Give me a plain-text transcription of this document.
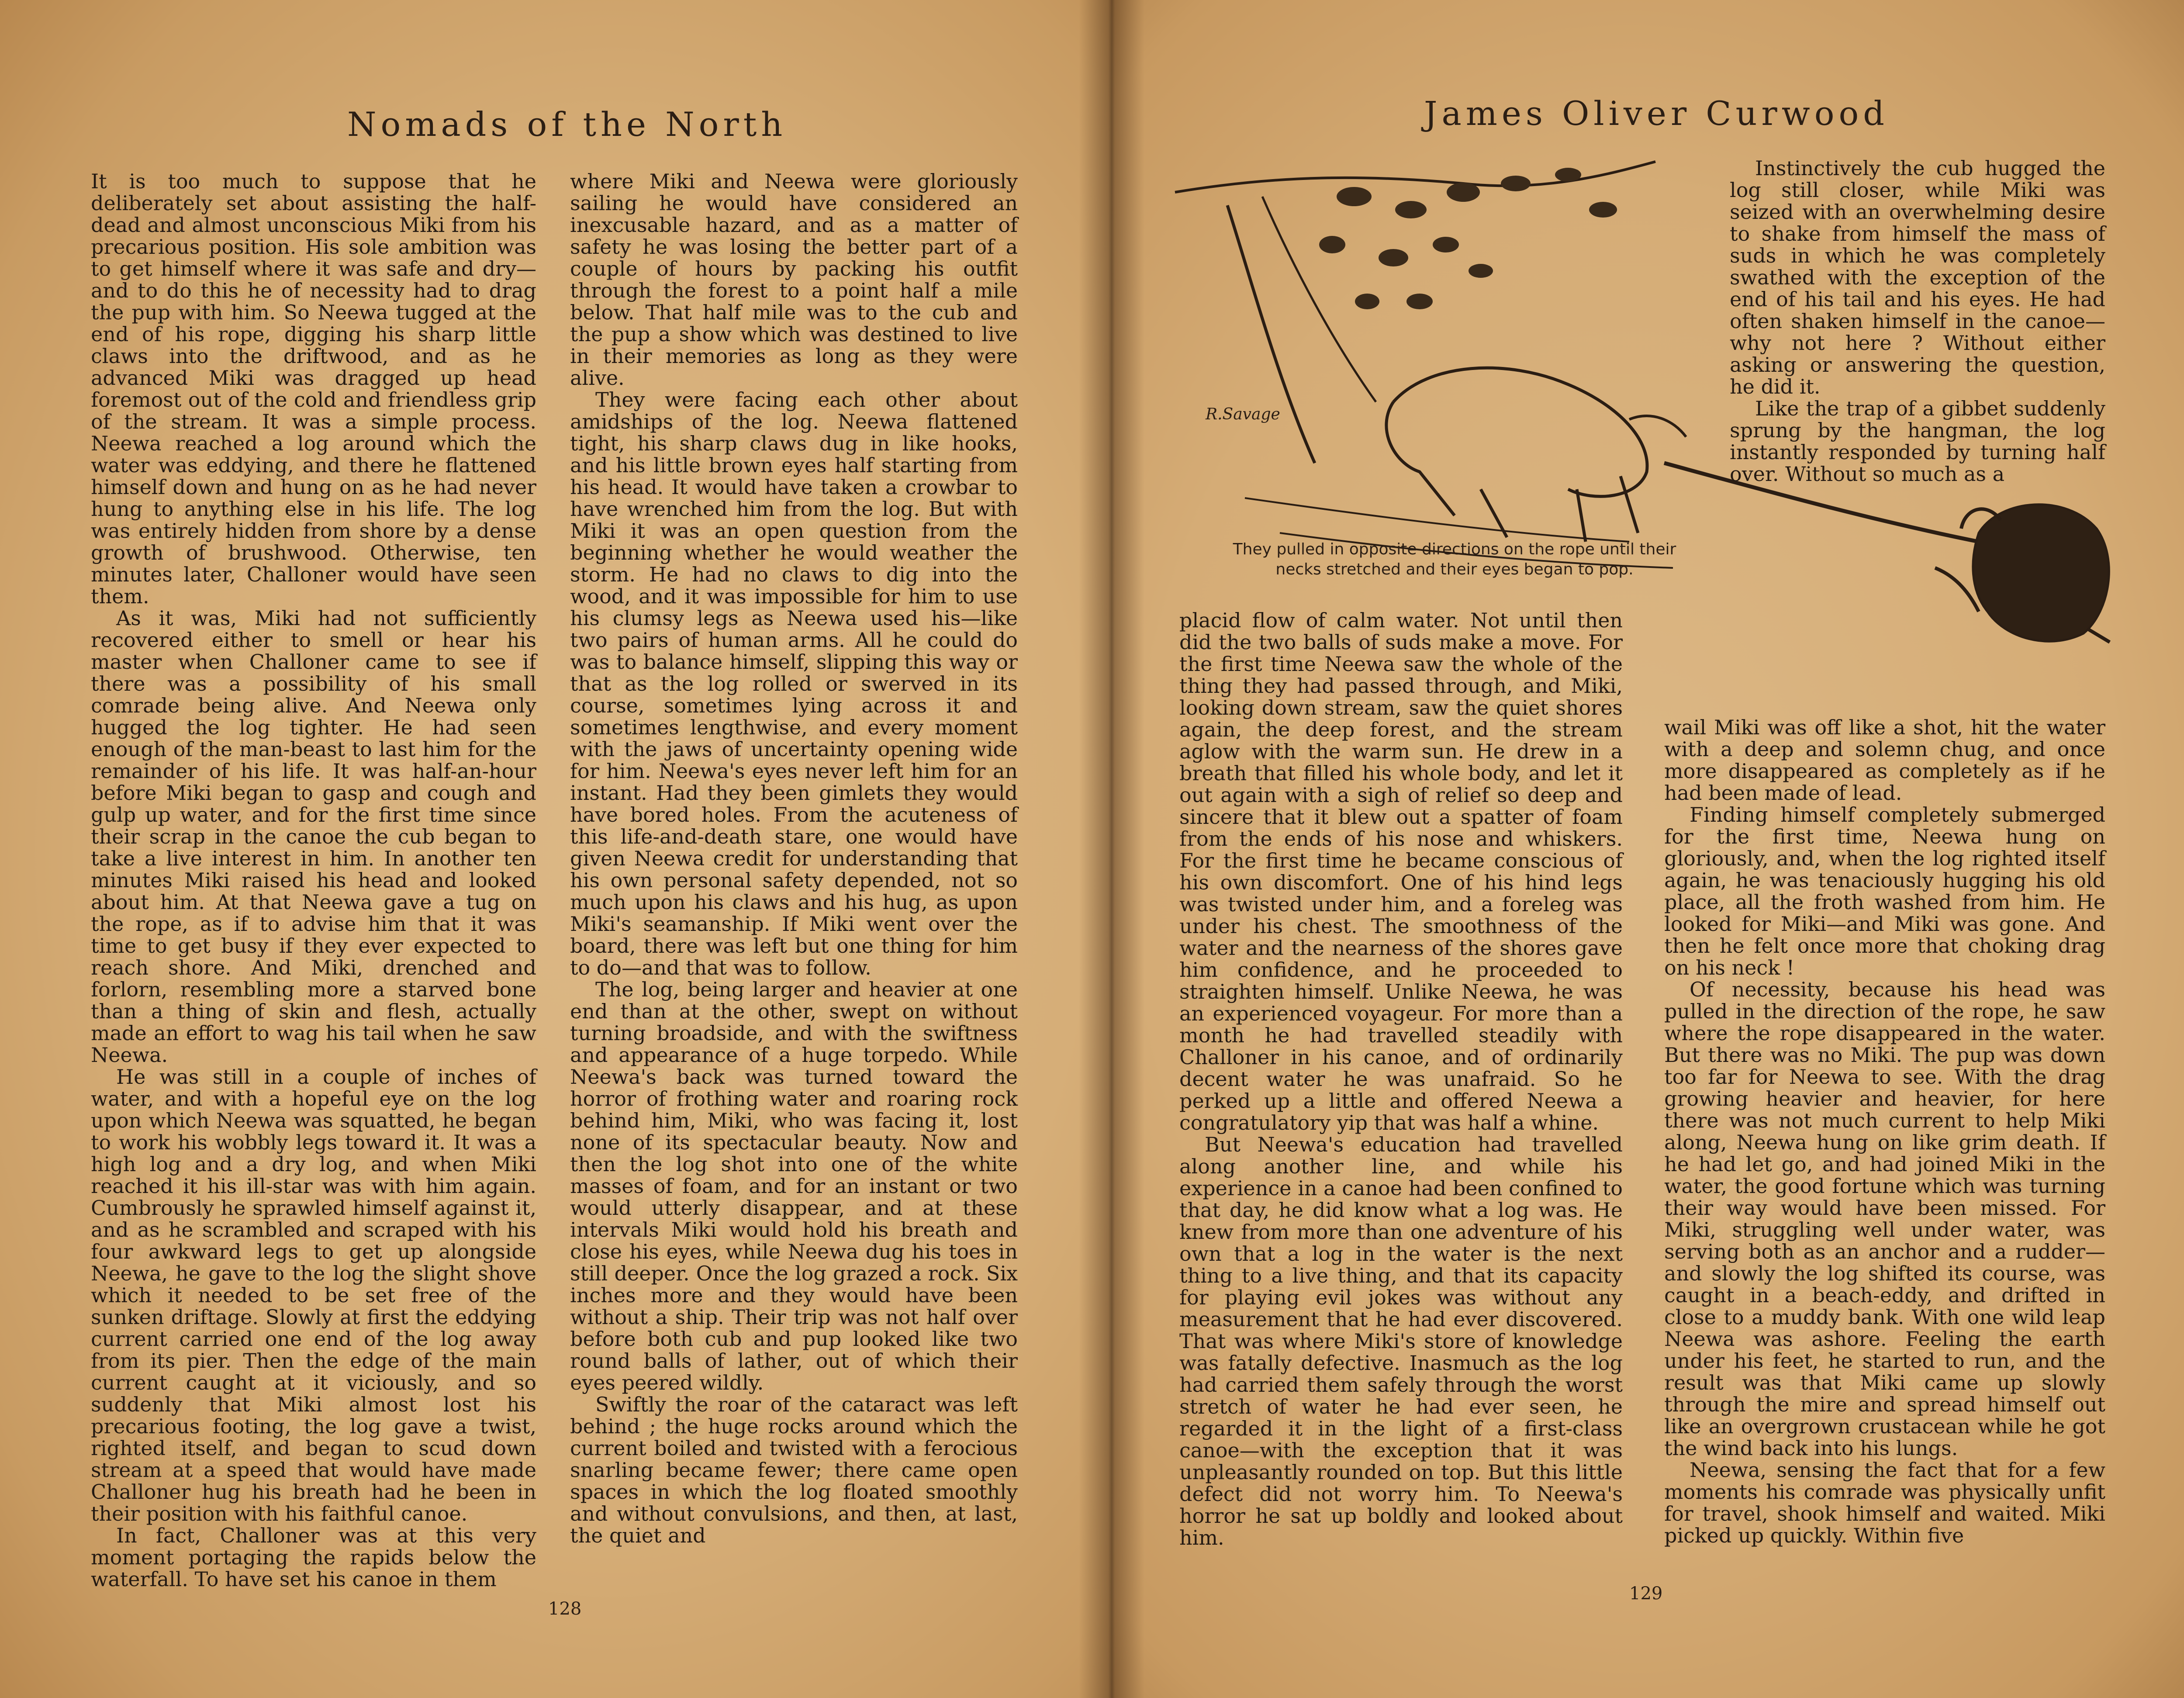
Nomads of the North

It is too much to suppose that he deliberately set about assisting the half-dead and almost unconscious Miki from his precarious position. His sole ambition was to get himself where it was safe and dry—and to do this he of necessity had to drag the pup with him. So Neewa tugged at the end of his rope, digging his sharp little claws into the driftwood, and as he advanced Miki was dragged up head foremost out of the cold and friendless grip of the stream. It was a simple process. Neewa reached a log around which the water was eddying, and there he flattened himself down and hung on as he had never hung to anything else in his life. The log was entirely hidden from shore by a dense growth of brushwood. Otherwise, ten minutes later, Challoner would have seen them.

As it was, Miki had not sufficiently recovered either to smell or hear his master when Challoner came to see if there was a possibility of his small comrade being alive. And Neewa only hugged the log tighter. He had seen enough of the man-beast to last him for the remainder of his life. It was half-an-hour before Miki began to gasp and cough and gulp up water, and for the first time since their scrap in the canoe the cub began to take a live interest in him. In another ten minutes Miki raised his head and looked about him. At that Neewa gave a tug on the rope, as if to advise him that it was time to get busy if they ever expected to reach shore. And Miki, drenched and forlorn, resembling more a starved bone than a thing of skin and flesh, actually made an effort to wag his tail when he saw Neewa.

He was still in a couple of inches of water, and with a hopeful eye on the log upon which Neewa was squatted, he began to work his wobbly legs toward it. It was a high log and a dry log, and when Miki reached it his ill-star was with him again. Cumbrously he sprawled himself against it, and as he scrambled and scraped with his four awkward legs to get up alongside Neewa, he gave to the log the slight shove which it needed to be set free of the sunken driftage. Slowly at first the eddying current carried one end of the log away from its pier. Then the edge of the main current caught at it viciously, and so suddenly that Miki almost lost his precarious footing, the log gave a twist, righted itself, and began to scud down stream at a speed that would have made Challoner hug his breath had he been in their position with his faithful canoe.

In fact, Challoner was at this very moment portaging the rapids below the waterfall. To have set his canoe in them

where Miki and Neewa were gloriously sailing he would have considered an inexcusable hazard, and as a matter of safety he was losing the better part of a couple of hours by packing his outfit through the forest to a point half a mile below. That half mile was to the cub and the pup a show which was destined to live in their memories as long as they were alive.

They were facing each other about amidships of the log. Neewa flattened tight, his sharp claws dug in like hooks, and his little brown eyes half starting from his head. It would have taken a crowbar to have wrenched him from the log. But with Miki it was an open question from the beginning whether he would weather the storm. He had no claws to dig into the wood, and it was impossible for him to use his clumsy legs as Neewa used his—like two pairs of human arms. All he could do was to balance himself, slipping this way or that as the log rolled or swerved in its course, sometimes lying across it and sometimes lengthwise, and every moment with the jaws of uncertainty opening wide for him. Neewa's eyes never left him for an instant. Had they been gimlets they would have bored holes. From the acuteness of this life-and-death stare, one would have given Neewa credit for understanding that his own personal safety depended, not so much upon his claws and his hug, as upon Miki's seamanship. If Miki went over the board, there was left but one thing for him to do—and that was to follow.

The log, being larger and heavier at one end than at the other, swept on without turning broadside, and with the swiftness and appearance of a huge torpedo. While Neewa's back was turned toward the horror of frothing water and roaring rock behind him, Miki, who was facing it, lost none of its spectacular beauty. Now and then the log shot into one of the white masses of foam, and for an instant or two would utterly disappear, and at these intervals Miki would hold his breath and close his eyes, while Neewa dug his toes in still deeper. Once the log grazed a rock. Six inches more and they would have been without a ship. Their trip was not half over before both cub and pup looked like two round balls of lather, out of which their eyes peered wildly.

Swiftly the roar of the cataract was left behind ; the huge rocks around which the current boiled and twisted with a ferocious snarling became fewer; there came open spaces in which the log floated smoothly and without convulsions, and then, at last, the quiet and

128
James Oliver Curwood
R.Savage

Instinctively the cub hugged the log still closer, while Miki was seized with an overwhelming desire to shake from himself the mass of suds in which he was completely swathed with the exception of the end of his tail and his eyes. He had often shaken himself in the canoe—why not here ? Without either asking or answering the question, he did it.

Like the trap of a gibbet suddenly sprung by the hangman, the log instantly responded by turning half over. Without so much as a

They pulled in opposite directions on the rope until their
necks stretched and their eyes began to pop.

placid flow of calm water. Not until then did the two balls of suds make a move. For the first time Neewa saw the whole of the thing they had passed through, and Miki, looking down stream, saw the quiet shores again, the deep forest, and the stream aglow with the warm sun. He drew in a breath that filled his whole body, and let it out again with a sigh of relief so deep and sincere that it blew out a spatter of foam from the ends of his nose and whiskers. For the first time he became conscious of his own discomfort. One of his hind legs was twisted under him, and a foreleg was under his chest. The smoothness of the water and the nearness of the shores gave him confidence, and he proceeded to straighten himself. Unlike Neewa, he was an experienced voyageur. For more than a month he had travelled steadily with Challoner in his canoe, and of ordinarily decent water he was unafraid. So he perked up a little and offered Neewa a congratulatory yip that was half a whine.

But Neewa's education had travelled along another line, and while his experience in a canoe had been confined to that day, he did know what a log was. He knew from more than one adventure of his own that a log in the water is the next thing to a live thing, and that its capacity for playing evil jokes was without any measurement that he had ever discovered. That was where Miki's store of knowledge was fatally defective. Inasmuch as the log had carried them safely through the worst stretch of water he had ever seen, he regarded it in the light of a first-class canoe—with the exception that it was unpleasantly rounded on top. But this little defect did not worry him. To Neewa's horror he sat up boldly and looked about him.

wail Miki was off like a shot, hit the water with a deep and solemn chug, and once more disappeared as completely as if he had been made of lead.

Finding himself completely submerged for the first time, Neewa hung on gloriously, and, when the log righted itself again, he was tenaciously hugging his old place, all the froth washed from him. He looked for Miki—and Miki was gone. And then he felt once more that choking drag on his neck !

Of necessity, because his head was pulled in the direction of the rope, he saw where the rope disappeared in the water. But there was no Miki. The pup was down too far for Neewa to see. With the drag growing heavier and heavier, for here there was not much current to help Miki along, Neewa hung on like grim death. If he had let go, and had joined Miki in the water, the good fortune which was turning their way would have been missed. For Miki, struggling well under water, was serving both as an anchor and a rudder—and slowly the log shifted its course, was caught in a beach-eddy, and drifted in close to a muddy bank. With one wild leap Neewa was ashore. Feeling the earth under his feet, he started to run, and the result was that Miki came up slowly through the mire and spread himself out like an overgrown crustacean while he got the wind back into his lungs.

Neewa, sensing the fact that for a few moments his comrade was physically unfit for travel, shook himself and waited. Miki picked up quickly. Within five

129
